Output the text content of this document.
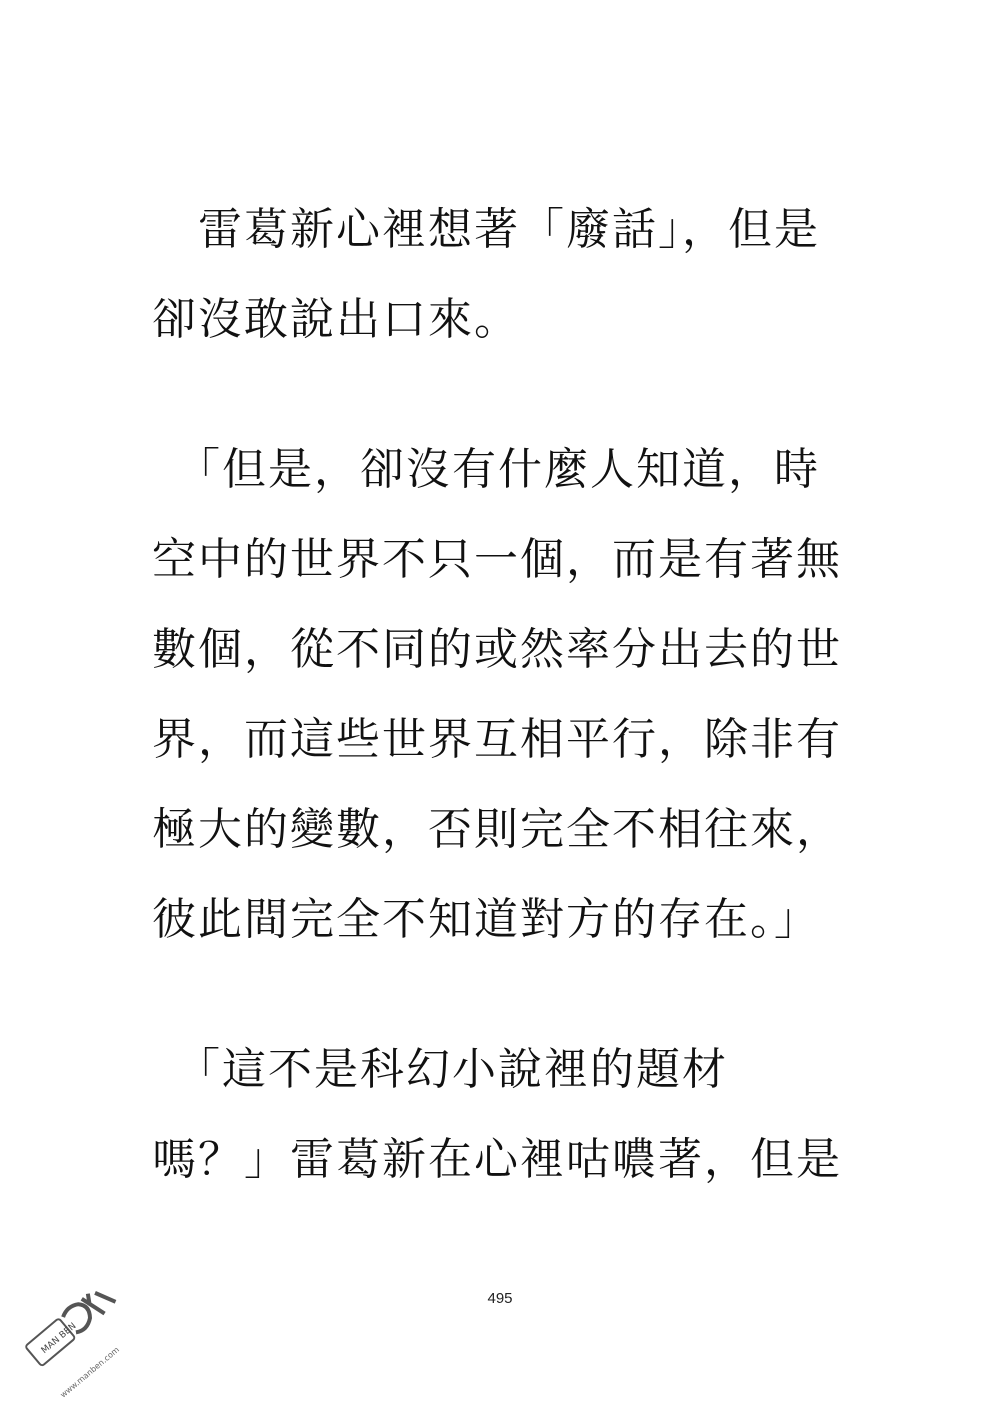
　雷葛新心裡想著「廢話」，但是
卻沒敢說出口來。
　「但是，卻沒有什麼人知道，時
空中的世界不只一個，而是有著無
數個，從不同的或然率分出去的世
界，而這些世界互相平行，除非有
極大的變數，否則完全不相往來，
彼此間完全不知道對方的存在。」
　「這不是科幻小說裡的題材
嗎？」雷葛新在心裡咕噥著，但是
495
MAN BEN
www.manben.com
